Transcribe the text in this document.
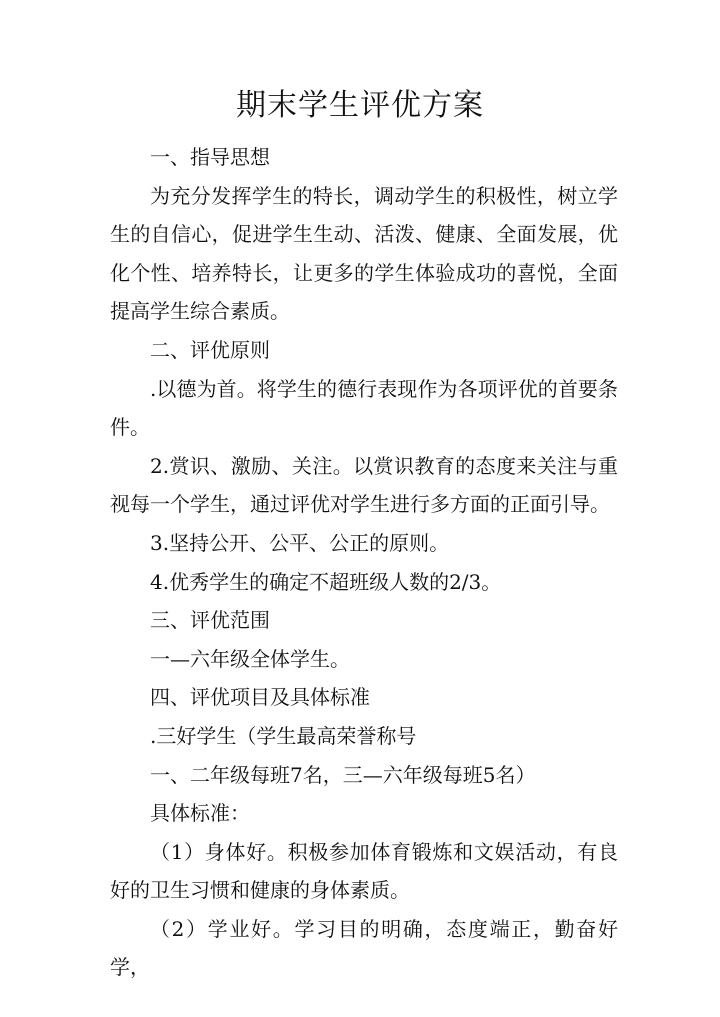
期末学生评优方案

一、指导思想

为充分发挥学生的特长，调动学生的积极性，树立学生的自信心，促进学生生动、活泼、健康、全面发展，优化个性、培养特长，让更多的学生体验成功的喜悦，全面提高学生综合素质。

二、评优原则

.以德为首。将学生的德行表现作为各项评优的首要条件。

2.赏识、激励、关注。以赏识教育的态度来关注与重视每一个学生，通过评优对学生进行多方面的正面引导。

3.坚持公开、公平、公正的原则。

4.优秀学生的确定不超班级人数的2/3。

三、评优范围

一—六年级全体学生。

四、评优项目及具体标准

.三好学生（学生最高荣誉称号

一、二年级每班7名，三—六年级每班5名）

具体标准：

（1）身体好。积极参加体育锻炼和文娱活动，有良好的卫生习惯和健康的身体素质。

（2）学业好。学习目的明确，态度端正，勤奋好学，
